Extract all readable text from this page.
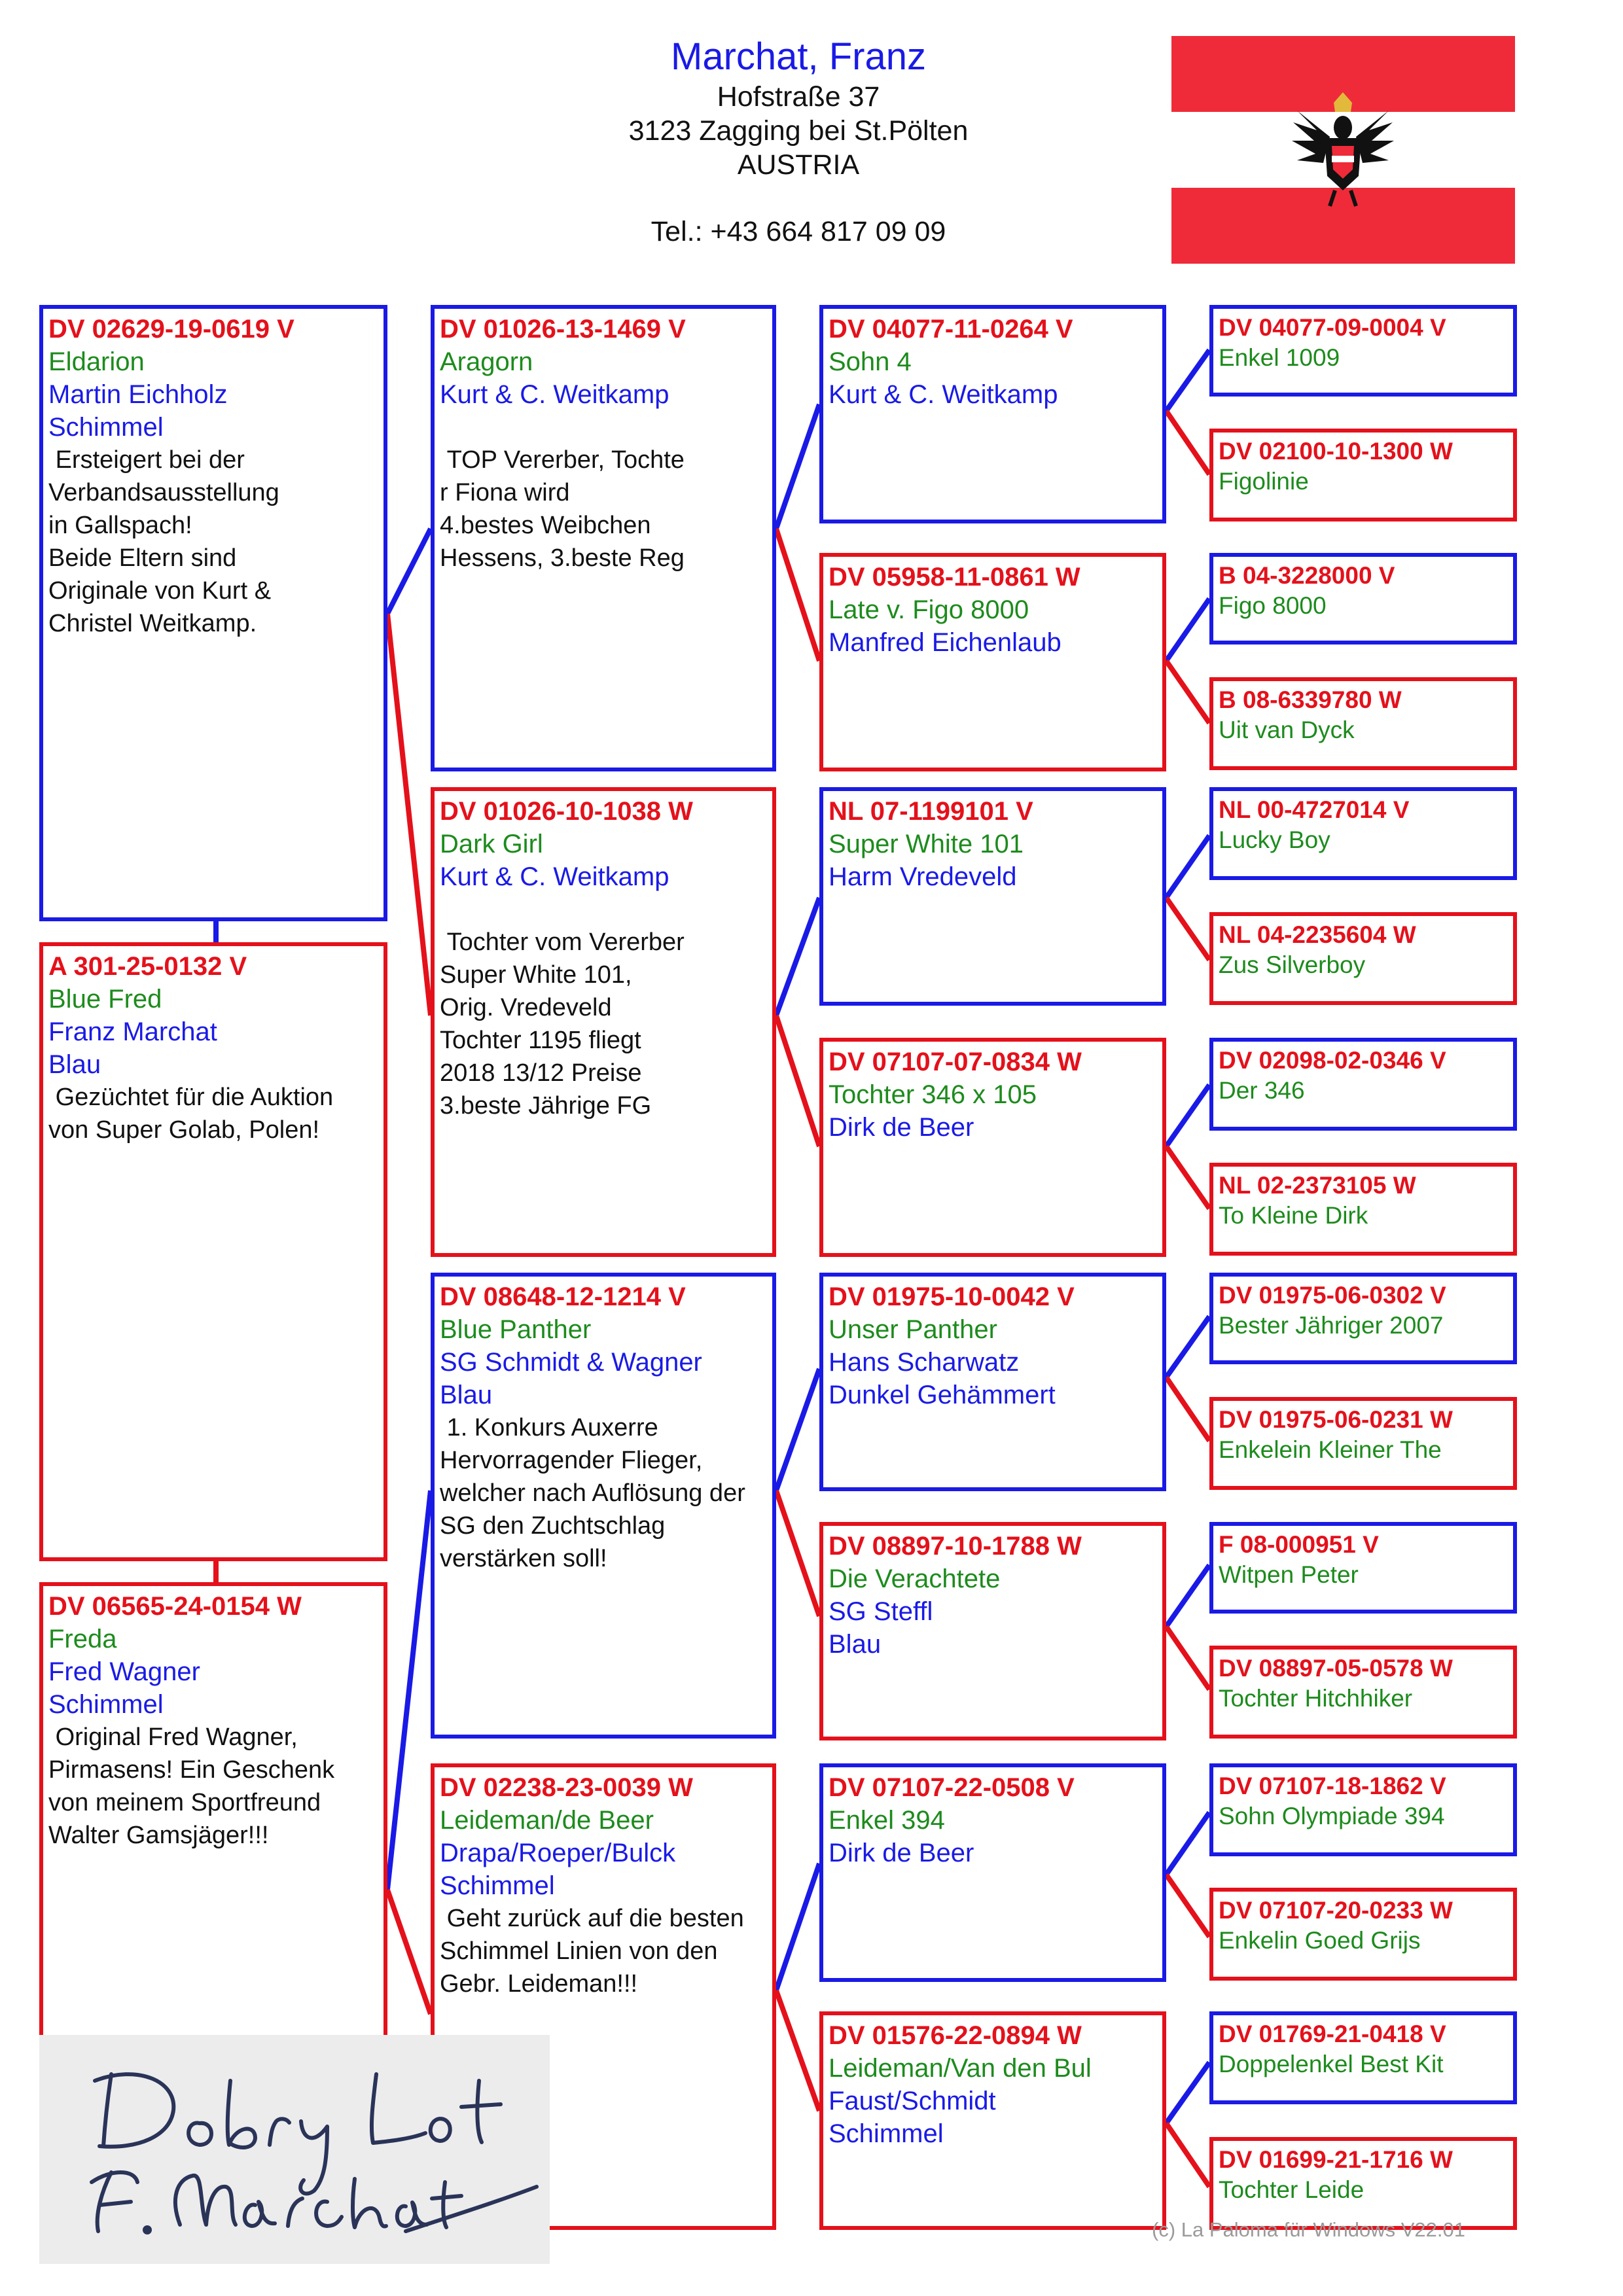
Marchat, Franz
Hofstraße 37
3123 Zagging bei St.Pölten
AUSTRIA
Tel.: +43 664 817 09 09
DV 02629-19-0619 V
Eldarion
Martin Eichholz
Schimmel
Ersteigert bei der
Verbandsausstellung
in Gallspach!
Beide Eltern sind
Originale von Kurt &
Christel Weitkamp.
A 301-25-0132 V
Blue Fred
Franz Marchat
Blau
Gezüchtet für die Auktion
von Super Golab, Polen!
DV 06565-24-0154 W
Freda
Fred Wagner
Schimmel
Original Fred Wagner,
Pirmasens! Ein Geschenk
von meinem Sportfreund
Walter Gamsjäger!!!
DV 01026-13-1469 V
Aragorn
Kurt & C. Weitkamp

TOP Vererber, Tochte
r Fiona wird
4.bestes Weibchen
Hessens, 3.beste Reg
DV 01026-10-1038 W
Dark Girl
Kurt & C. Weitkamp

Tochter vom Vererber
Super White 101,
Orig. Vredeveld
Tochter 1195 fliegt
2018 13/12 Preise
3.beste Jährige FG
DV 08648-12-1214 V
Blue Panther
SG Schmidt & Wagner
Blau
1. Konkurs Auxerre
Hervorragender Flieger,
welcher nach Auflösung der
SG den Zuchtschlag
verstärken soll!
DV 02238-23-0039 W
Leideman/de Beer
Drapa/Roeper/Bulck
Schimmel
Geht zurück auf die besten
Schimmel Linien von den
Gebr. Leideman!!!
DV 04077-11-0264 V
Sohn 4
Kurt & C. Weitkamp
DV 05958-11-0861 W
Late v. Figo 8000
Manfred Eichenlaub
NL 07-1199101 V
Super White 101
Harm Vredeveld
DV 07107-07-0834 W
Tochter 346 x 105
Dirk de Beer
DV 01975-10-0042 V
Unser Panther
Hans Scharwatz
Dunkel Gehämmert
DV 08897-10-1788 W
Die Verachtete
SG Steffl
Blau
DV 07107-22-0508 V
Enkel 394
Dirk de Beer
DV 01576-22-0894 W
Leideman/Van den Bul
Faust/Schmidt
Schimmel
DV 04077-09-0004 V
Enkel 1009
DV 02100-10-1300 W
Figolinie
B 04-3228000 V
Figo 8000
B 08-6339780 W
Uit van Dyck
NL 00-4727014 V
Lucky Boy
NL 04-2235604 W
Zus Silverboy
DV 02098-02-0346 V
Der 346
NL 02-2373105 W
To Kleine Dirk
DV 01975-06-0302 V
Bester Jähriger 2007
DV 01975-06-0231 W
Enkelein Kleiner The
F 08-000951 V
Witpen Peter
DV 08897-05-0578 W
Tochter Hitchhiker
DV 07107-18-1862 V
Sohn Olympiade 394
DV 07107-20-0233 W
Enkelin Goed Grijs
DV 01769-21-0418 V
Doppelenkel Best Kit
DV 01699-21-1716 W
Tochter Leide
(c) La Paloma für Windows V22.01
